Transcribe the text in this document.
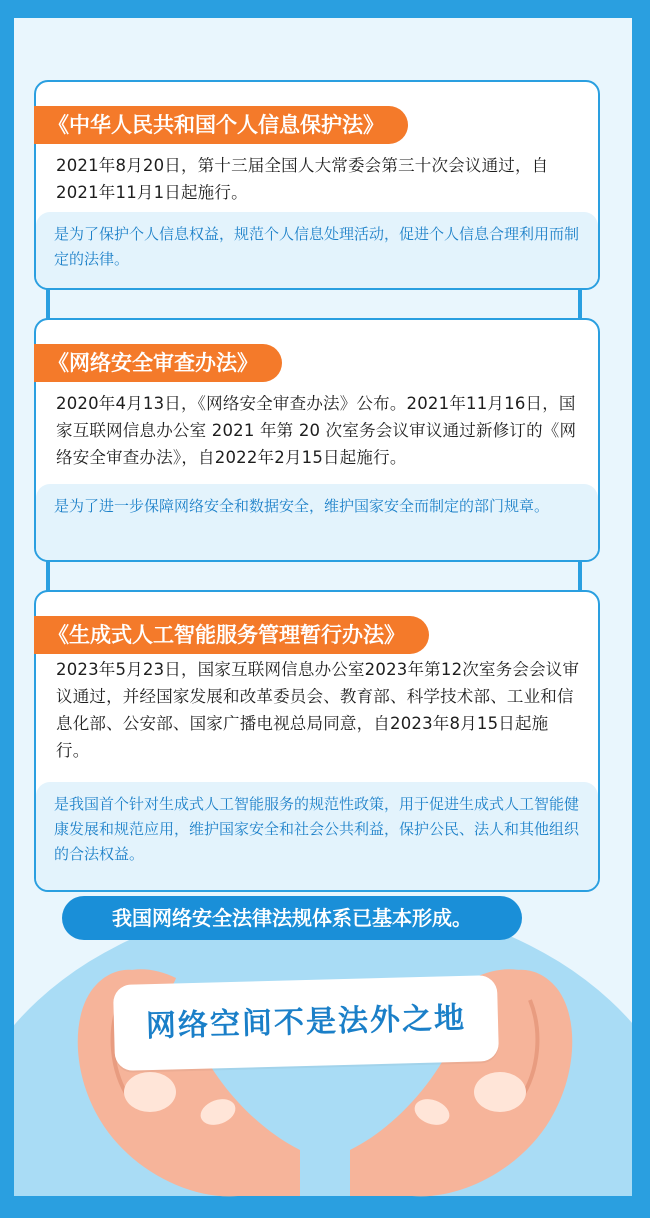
《中华人民共和国个人信息保护法》
2021年8月20日，第十三届全国人大常委会第三十次会议通过，自2021年11月1日起施行。
是为了保护个人信息权益，规范个人信息处理活动，促进个人信息合理利用而制定的法律。
《网络安全审查办法》
2020年4月13日，《网络安全审查办法》公布。2021年11月16日，国家互联网信息办公室 2021 年第 20 次室务会议审议通过新修订的《网络安全审查办法》，自2022年2月15日起施行。
是为了进一步保障网络安全和数据安全，维护国家安全而制定的部门规章。
《生成式人工智能服务管理暂行办法》
2023年5月23日，国家互联网信息办公室2023年第12次室务会会议审议通过，并经国家发展和改革委员会、教育部、科学技术部、工业和信息化部、公安部、国家广播电视总局同意，自2023年8月15日起施行。
是我国首个针对生成式人工智能服务的规范性政策，用于促进生成式人工智能健康发展和规范应用，维护国家安全和社会公共利益，保护公民、法人和其他组织的合法权益。
网络空间不是法外之地
我国网络安全法律法规体系已基本形成。
